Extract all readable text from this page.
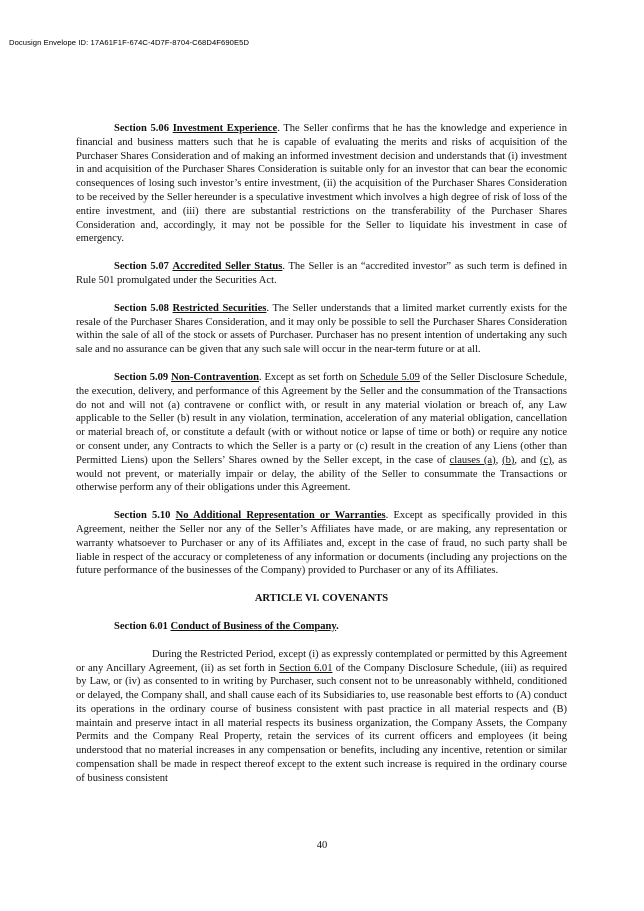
Docusign Envelope ID: 17A61F1F-674C-4D7F-8704-C68D4F690E5D

Section 5.06 Investment Experience. The Seller confirms that he has the knowledge and experience in financial and business matters such that he is capable of evaluating the merits and risks of acquisition of the Purchaser Shares Consideration and of making an informed investment decision and understands that (i) investment in and acquisition of the Purchaser Shares Consideration is suitable only for an investor that can bear the economic consequences of losing such investor’s entire investment, (ii) the acquisition of the Purchaser Shares Consideration to be received by the Seller hereunder is a speculative investment which involves a high degree of risk of loss of the entire investment, and (iii) there are substantial restrictions on the transferability of the Purchaser Shares Consideration and, accordingly, it may not be possible for the Seller to liquidate his investment in case of emergency.

Section 5.07 Accredited Seller Status. The Seller is an “accredited investor” as such term is defined in Rule 501 promulgated under the Securities Act.

Section 5.08 Restricted Securities. The Seller understands that a limited market currently exists for the resale of the Purchaser Shares Consideration, and it may only be possible to sell the Purchaser Shares Consideration within the sale of all of the stock or assets of Purchaser. Purchaser has no present intention of undertaking any such sale and no assurance can be given that any such sale will occur in the near-term future or at all.

Section 5.09 Non-Contravention. Except as set forth on Schedule 5.09 of the Seller Disclosure Schedule, the execution, delivery, and performance of this Agreement by the Seller and the consummation of the Transactions do not and will not (a) contravene or conflict with, or result in any material violation or breach of, any Law applicable to the Seller (b) result in any violation, termination, acceleration of any material obligation, cancellation or material breach of, or constitute a default (with or without notice or lapse of time or both) or require any notice or consent under, any Contracts to which the Seller is a party or (c) result in the creation of any Liens (other than Permitted Liens) upon the Sellers’ Shares owned by the Seller except, in the case of clauses (a), (b), and (c), as would not prevent, or materially impair or delay, the ability of the Seller to consummate the Transactions or otherwise perform any of their obligations under this Agreement.

Section 5.10 No Additional Representation or Warranties. Except as specifically provided in this Agreement, neither the Seller nor any of the Seller’s Affiliates have made, or are making, any representation or warranty whatsoever to Purchaser or any of its Affiliates and, except in the case of fraud, no such party shall be liable in respect of the accuracy or completeness of any information or documents (including any projections on the future performance of the businesses of the Company) provided to Purchaser or any of its Affiliates.

ARTICLE VI. COVENANTS

Section 6.01 Conduct of Business of the Company.

During the Restricted Period, except (i) as expressly contemplated or permitted by this Agreement or any Ancillary Agreement, (ii) as set forth in Section 6.01 of the Company Disclosure Schedule, (iii) as required by Law, or (iv) as consented to in writing by Purchaser, such consent not to be unreasonably withheld, conditioned or delayed, the Company shall, and shall cause each of its Subsidiaries to, use reasonable best efforts to (A) conduct its operations in the ordinary course of business consistent with past practice in all material respects and (B) maintain and preserve intact in all material respects its business organization, the Company Assets, the Company Permits and the Company Real Property, retain the services of its current officers and employees (it being understood that no material increases in any compensation or benefits, including any incentive, retention or similar compensation shall be made in respect thereof except to the extent such increase is required in the ordinary course of business consistent

40
